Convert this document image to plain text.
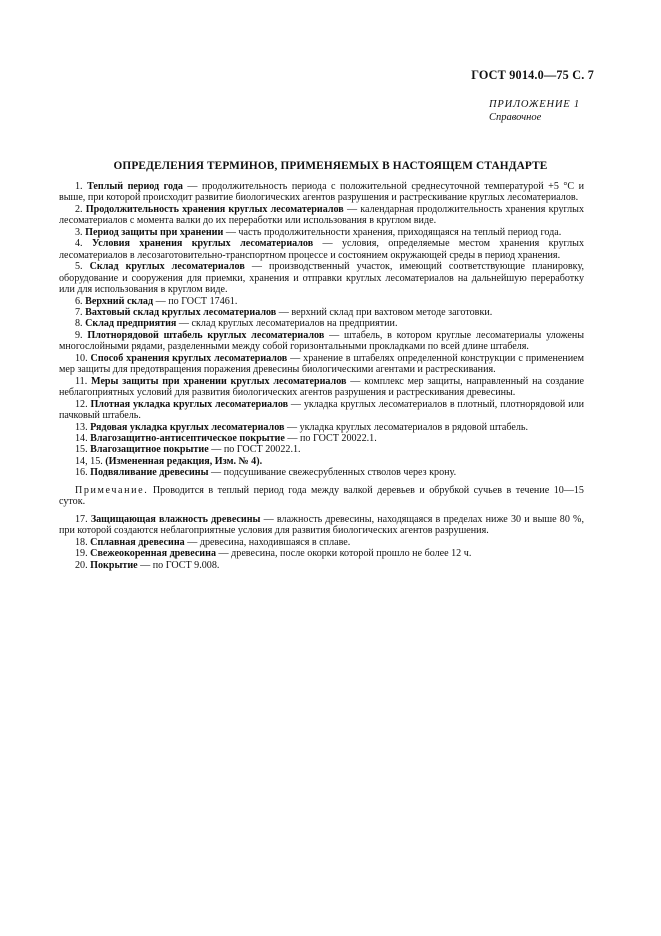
ГОСТ 9014.0—75 С. 7
ПРИЛОЖЕНИЕ 1
Справочное
ОПРЕДЕЛЕНИЯ ТЕРМИНОВ, ПРИМЕНЯЕМЫХ В НАСТОЯЩЕМ СТАНДАРТЕ

1. Теплый период года — продолжительность периода с положительной среднесуточной температурой +5 °С и выше, при которой происходит развитие биологических агентов разрушения и растрескивание круглых лесоматериалов.

2. Продолжительность хранения круглых лесоматериалов — календарная продолжительность хранения круглых лесоматериалов с момента валки до их переработки или использования в круглом виде.

3. Период защиты при хранении — часть продолжительности хранения, приходящаяся на теплый период года.

4. Условия хранения круглых лесоматериалов — условия, определяемые местом хранения круглых лесоматериалов в лесозаготовительно-транспортном процессе и состоянием окружающей среды в период хранения.

5. Склад круглых лесоматериалов — производственный участок, имеющий соответствующие планировку, оборудование и сооружения для приемки, хранения и отправки круглых лесоматериалов на дальнейшую переработку или для использования в круглом виде.

6. Верхний склад — по ГОСТ 17461.

7. Вахтовый склад круглых лесоматериалов — верхний склад при вахтовом методе заготовки.

8. Склад предприятия — склад круглых лесоматериалов на предприятии.

9. Плотнорядовой штабель круглых лесоматериалов — штабель, в котором круглые лесоматериалы уложены многослойными рядами, разделенными между собой горизонтальными прокладками по всей длине штабеля.

10. Способ хранения круглых лесоматериалов — хранение в штабелях определенной конструкции с применением мер защиты для предотвращения поражения древесины биологическими агентами и растрескивания.

11. Меры защиты при хранении круглых лесоматериалов — комплекс мер защиты, направленный на создание неблагоприятных условий для развития биологических агентов разрушения и растрескивания древесины.

12. Плотная укладка круглых лесоматериалов — укладка круглых лесоматериалов в плотный, плотнорядовой или пачковый штабель.

13. Рядовая укладка круглых лесоматериалов — укладка круглых лесоматериалов в рядовой штабель.

14. Влагозащитно-антисептическое покрытие — по ГОСТ 20022.1.

15. Влагозащитное покрытие — по ГОСТ 20022.1.

14, 15. (Измененная редакция, Изм. № 4).

16. Подвяливание древесины — подсушивание свежесрубленных стволов через крону.

Примечание. Проводится в теплый период года между валкой деревьев и обрубкой сучьев в течение 10—15 суток.

17. Защищающая влажность древесины — влажность древесины, находящаяся в пределах ниже 30 и выше 80 %, при которой создаются неблагоприятные условия для развития биологических агентов разрушения.

18. Сплавная древесина — древесина, находившаяся в сплаве.

19. Свежеокоренная древесина — древесина, после окорки которой прошло не более 12 ч.

20. Покрытие — по ГОСТ 9.008.
